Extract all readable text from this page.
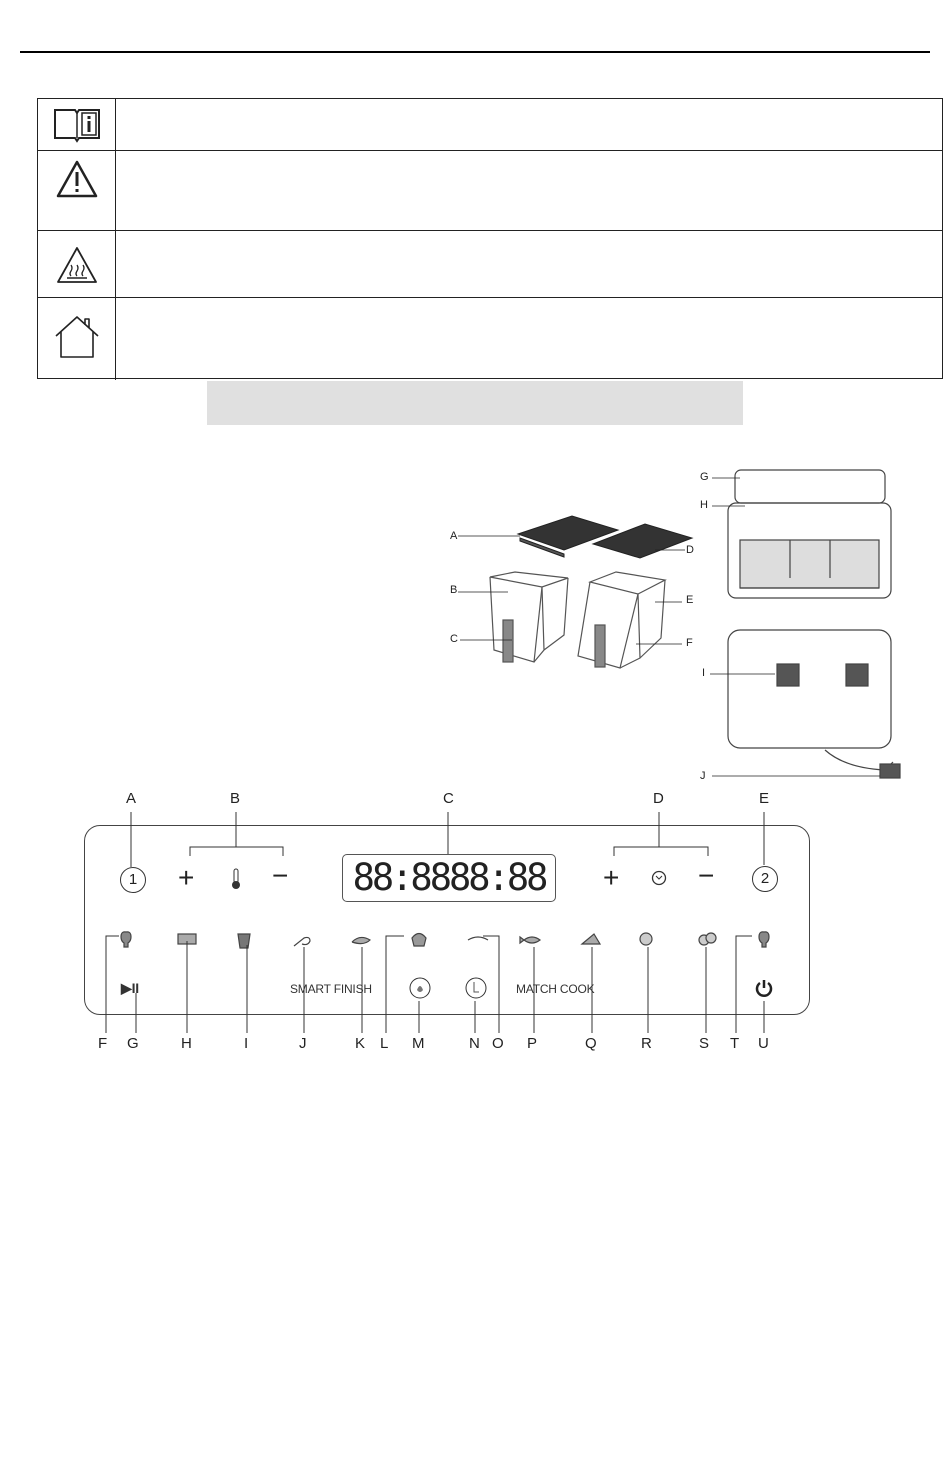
A
B
C
D
E
F
G
H
I
J
A	B	C	D	E
1	+	− 88:8888:88	+	−	2
▶II	SMART FINISH	MATCH COOK
F G	H	I	J	K L M	N O P	Q	R	S T U
